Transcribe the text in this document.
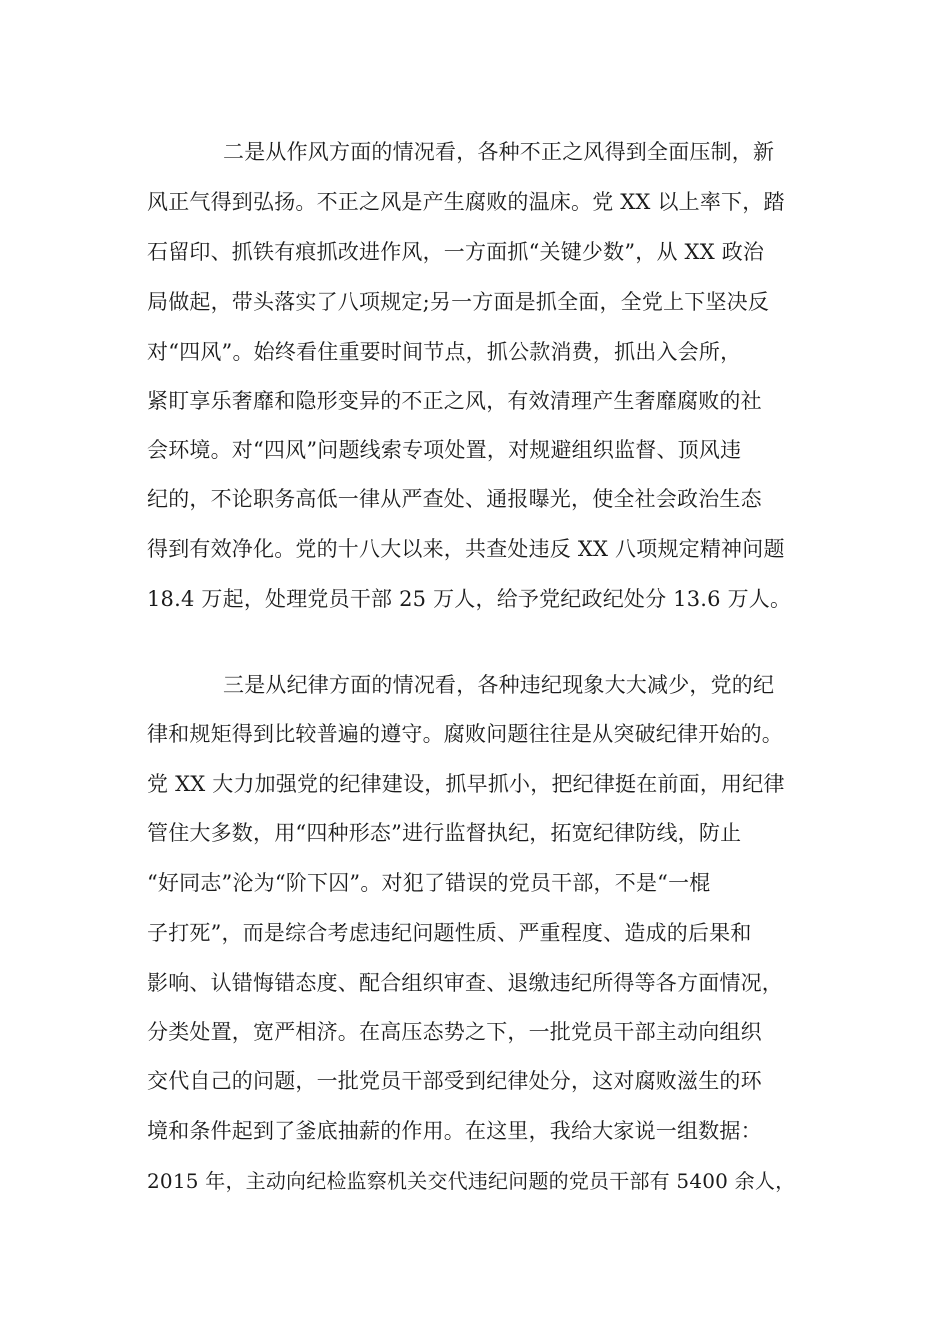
二是从作风方面的情况看，各种不正之风得到全面压制，新
风正气得到弘扬。不正之风是产生腐败的温床。党 XX 以上率下，踏
石留印、抓铁有痕抓改进作风，一方面抓“关键少数”，从 XX 政治
局做起，带头落实了八项规定;另一方面是抓全面，全党上下坚决反
对“四风”。始终看住重要时间节点，抓公款消费，抓出入会所，
紧盯享乐奢靡和隐形变异的不正之风，有效清理产生奢靡腐败的社
会环境。对“四风”问题线索专项处置，对规避组织监督、顶风违
纪的，不论职务高低一律从严查处、通报曝光，使全社会政治生态
得到有效净化。党的十八大以来，共查处违反 XX 八项规定精神问题
18.4 万起，处理党员干部 25 万人，给予党纪政纪处分 13.6 万人。
三是从纪律方面的情况看，各种违纪现象大大减少，党的纪
律和规矩得到比较普遍的遵守。腐败问题往往是从突破纪律开始的。
党 XX 大力加强党的纪律建设，抓早抓小，把纪律挺在前面，用纪律
管住大多数，用“四种形态”进行监督执纪，拓宽纪律防线，防止
“好同志”沦为“阶下囚”。对犯了错误的党员干部，不是“一棍
子打死”，而是综合考虑违纪问题性质、严重程度、造成的后果和
影响、认错悔错态度、配合组织审查、退缴违纪所得等各方面情况，
分类处置，宽严相济。在高压态势之下，一批党员干部主动向组织
交代自己的问题，一批党员干部受到纪律处分，这对腐败滋生的环
境和条件起到了釜底抽薪的作用。在这里，我给大家说一组数据：
2015 年，主动向纪检监察机关交代违纪问题的党员干部有 5400 余人，
